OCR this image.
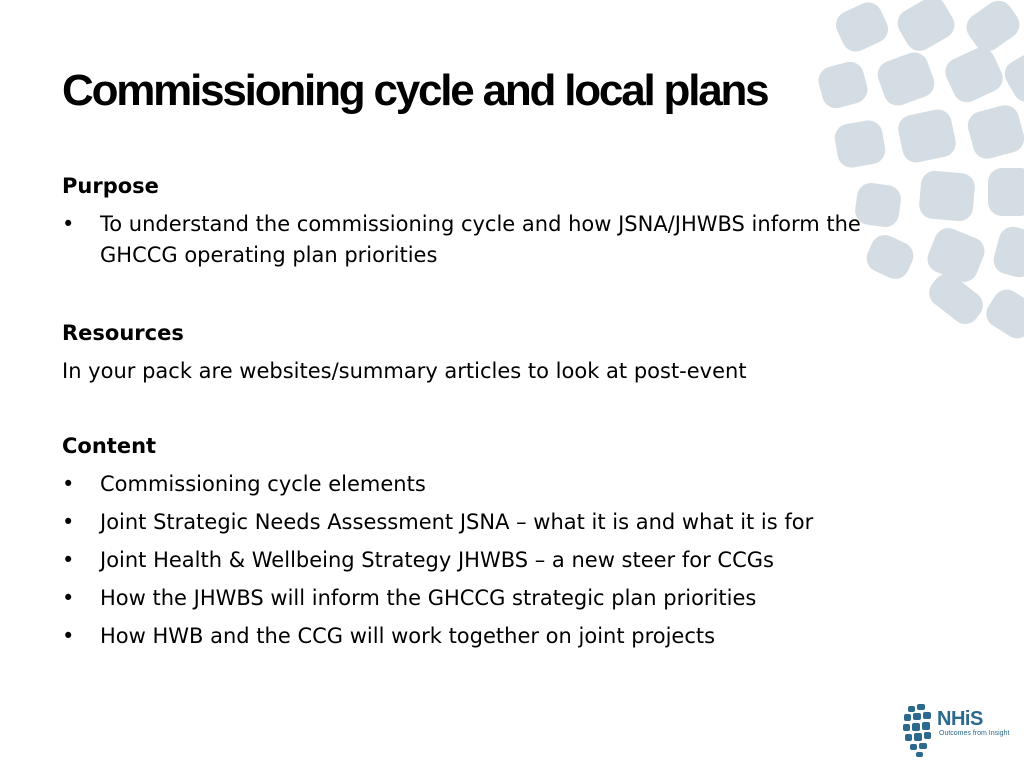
Commissioning cycle and local plans

Purpose

• To understand the commissioning cycle and how JSNA/JHWBS inform the GHCCG operating plan priorities

Resources

In your pack are websites/summary articles to look at post-event

Content

• Commissioning cycle elements
• Joint Strategic Needs Assessment JSNA – what it is and what it is for
• Joint Health & Wellbeing Strategy JHWBS – a new steer for CCGs
• How the JHWBS will inform the GHCCG strategic plan priorities
• How HWB and the CCG will work together on joint projects
NHiS
Outcomes from Insight
